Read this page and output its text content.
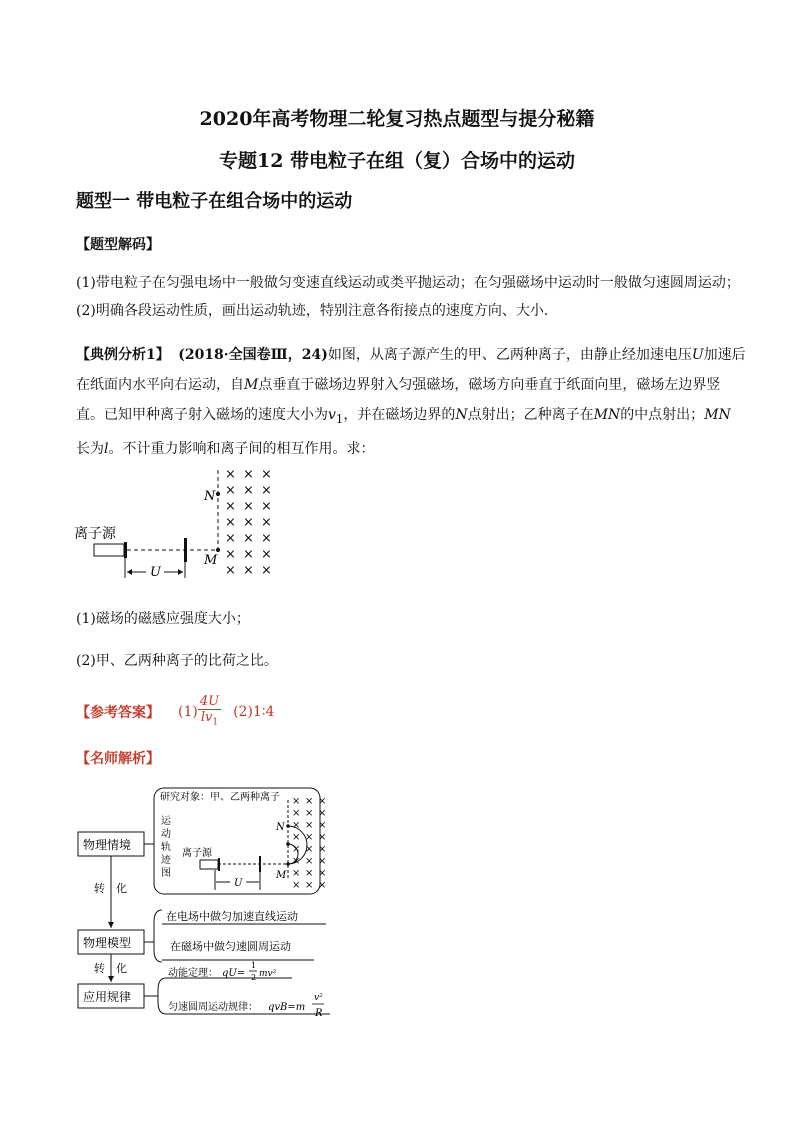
2020年高考物理二轮复习热点题型与提分秘籍
专题12 带电粒子在组（复）合场中的运动
题型一 带电粒子在组合场中的运动
【题型解码】
(1)带电粒子在匀强电场中一般做匀变速直线运动或类平抛运动；在匀强磁场中运动时一般做匀速圆周运动；
(2)明确各段运动性质，画出运动轨迹，特别注意各衔接点的速度方向、大小．
【典例分析1】 (2018·全国卷Ⅲ，24)如图，从离子源产生的甲、乙两种离子，由静止经加速电压U加速后
在纸面内水平向右运动，自M点垂直于磁场边界射入匀强磁场，磁场方向垂直于纸面向里，磁场左边界竖
直。已知甲种离子射入磁场的速度大小为$v_1$，并在磁场边界的N点射出；乙种离子在MN的中点射出；MN
长为l。不计重力影响和离子间的相互作用。求：
离子源
N
M
U
× × ×
× × ×
× × ×
× × ×
× × ×
× × ×
× × ×
(1)磁场的磁感应强度大小；
(2)甲、乙两种离子的比荷之比。
【参考答案】 $(1) \frac{4U}{lv_1}$ (2)1∶4
【名师解析】
物理情境
物理模型
应用规律
转　化
转　化
研究对象：甲、乙两种离子
运
动
轨
迹
图
离子源
U
N
M
在电场中做匀加速直线运动
在磁场中做匀速圆周运动
动能定理： qU=
1
2 mv²
匀速圆周运动规律： qvB=m
v²
R
× × ×
× × ×
× × ×
× × ×
× × ×
× × ×
× × ×
× × ×
